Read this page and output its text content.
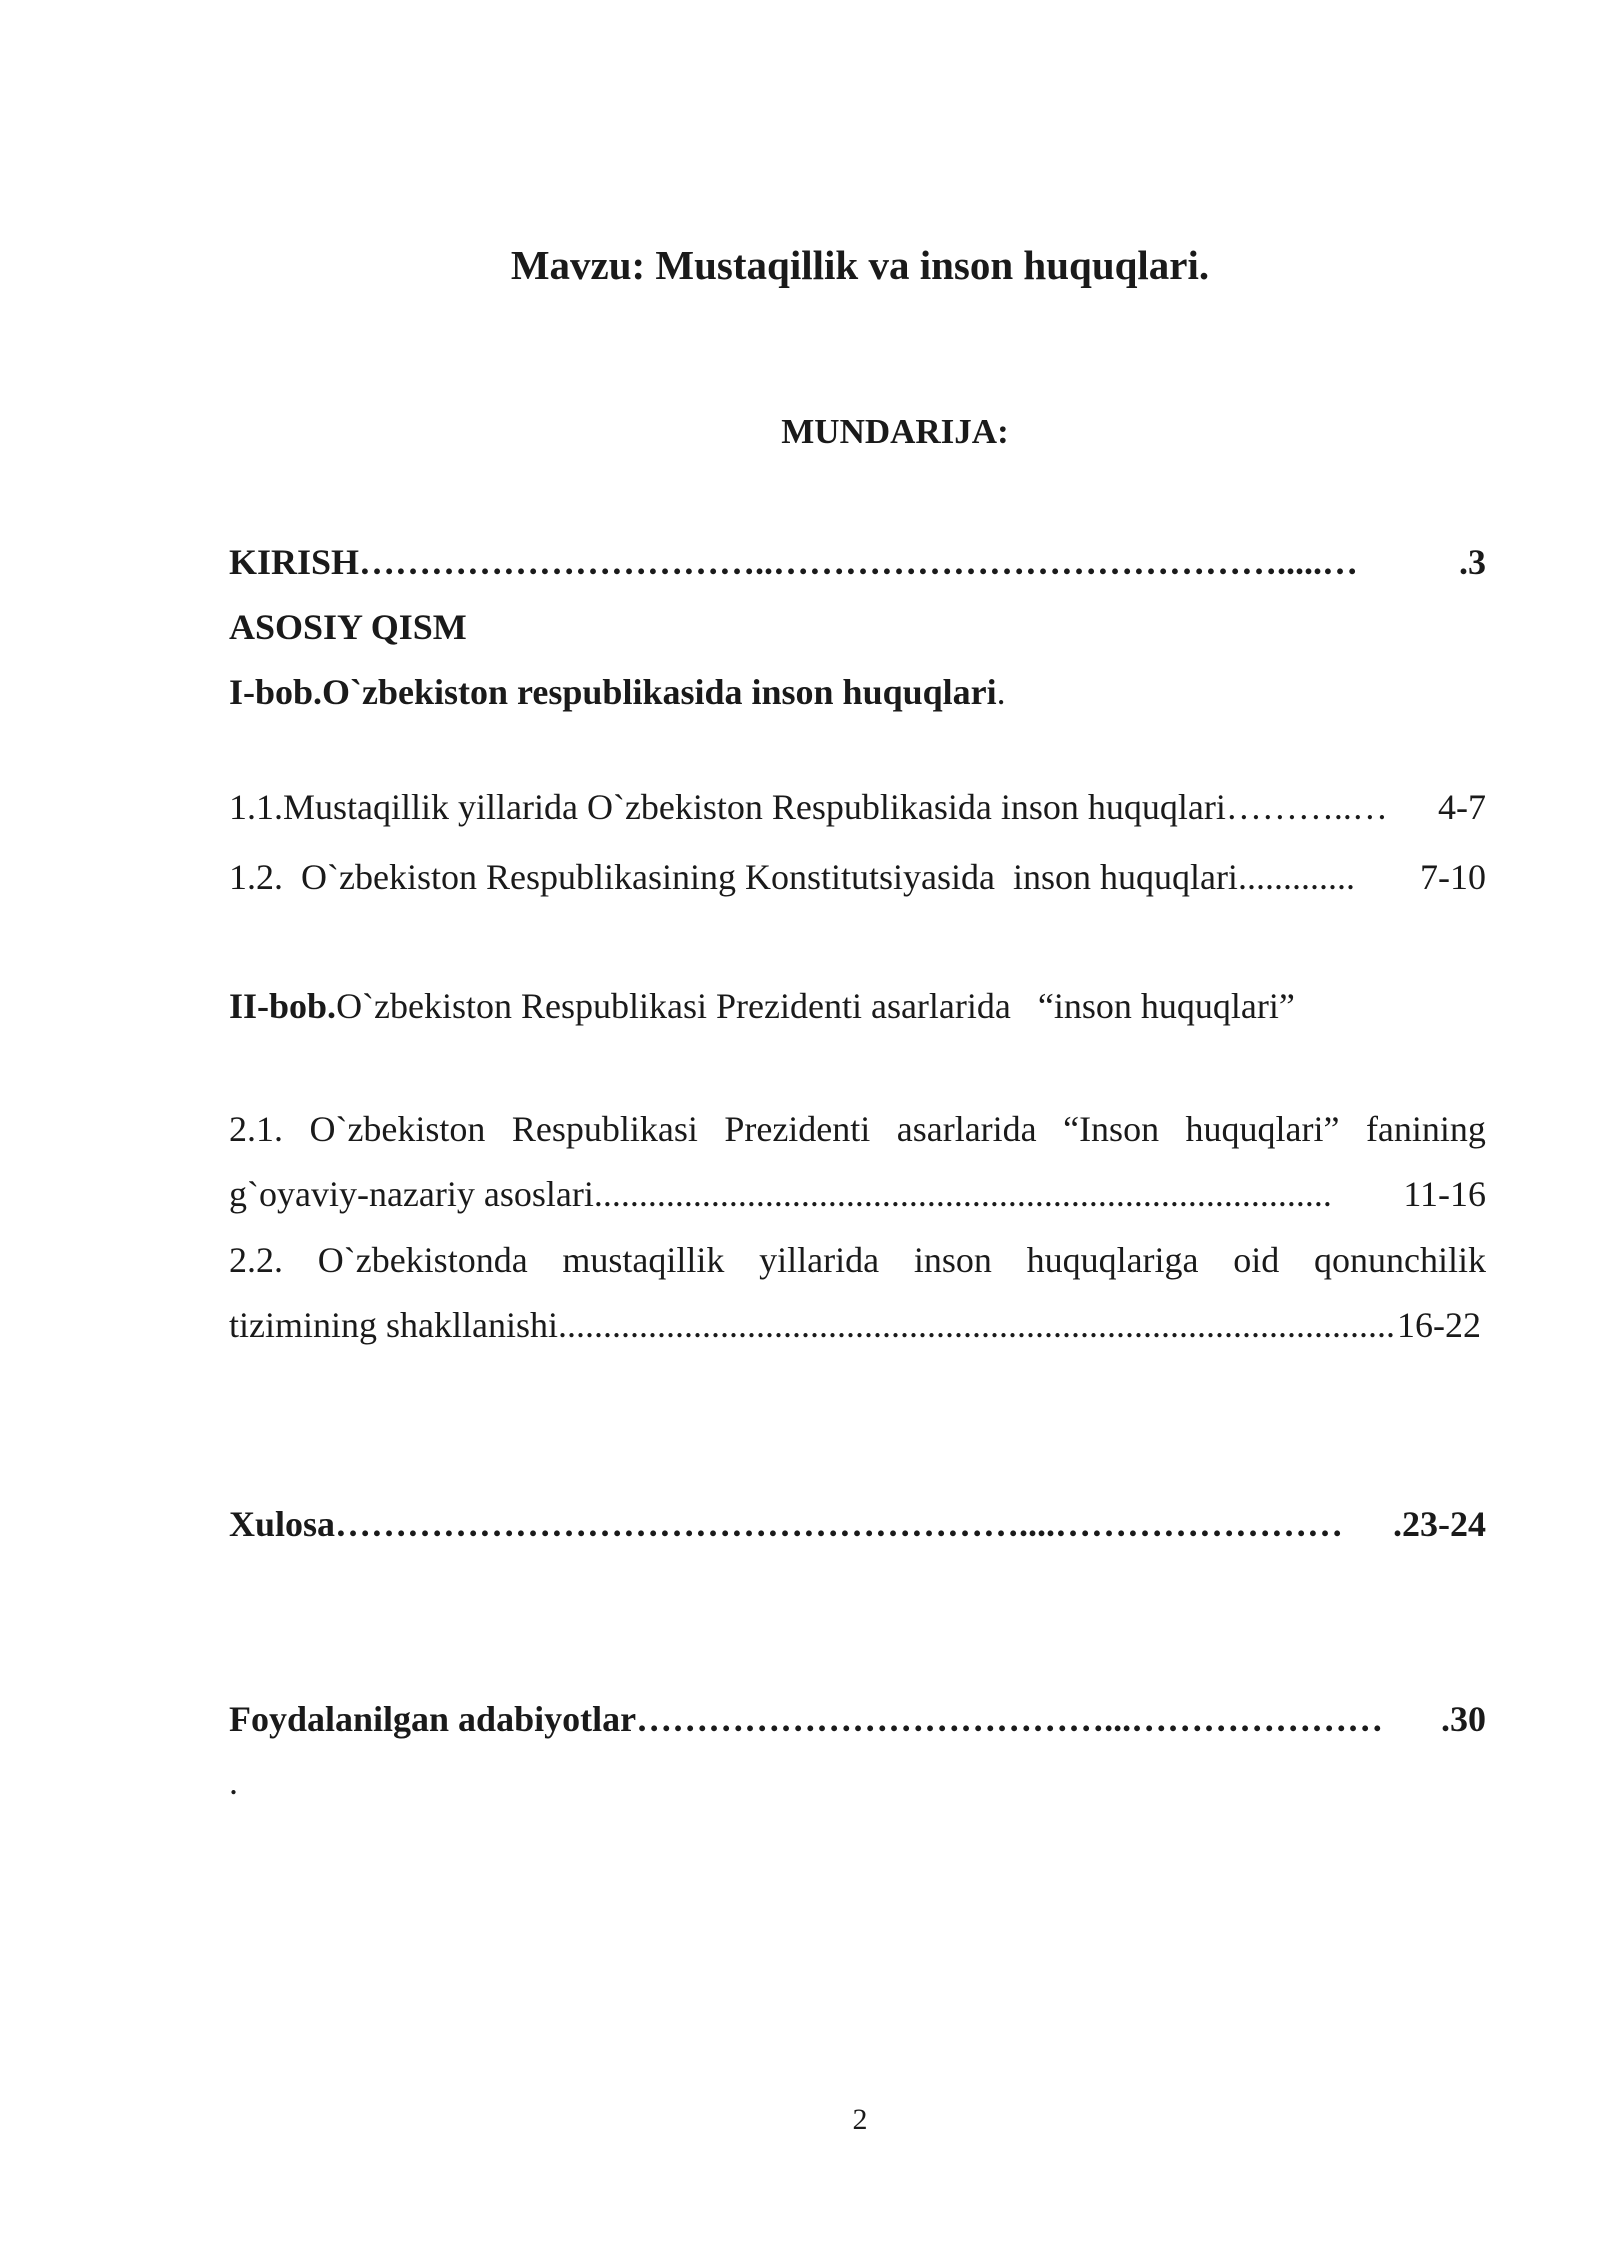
Mavzu: Mustaqillik va inson huquqlari.
MUNDARIJA:
KIRISH ……………………………..…………………………………….....…	.3
ASOSIY QISM
I-bob.O`zbekiston respublikasida inson huquqlari.
1.1.Mustaqillik yillarida O`zbekiston Respublikasida inson huquqlari ………..…	4-7
1.2.  O`zbekiston Respublikasining Konstitutsiyasida  inson huquqlari .............	7-10
II-bob.O`zbekiston Respublikasi Prezidenti asarlarida   “inson huquqlari”
2.1. O`zbekiston Respublikasi Prezidenti asarlarida “Inson huquqlari” fanining
g`oyaviy-nazariy asoslari ..................................................................................	11-16
2.2. O`zbekistonda mustaqillik yillarida inson huquqlariga oid qonunchilik
tizimining shakllanishi ............................................................................................. 16-22
Xulosa …………………………………………………....……………………	.23-24
Foydalanilgan adabiyotlar …………………………………...…………………	.30
.
2
